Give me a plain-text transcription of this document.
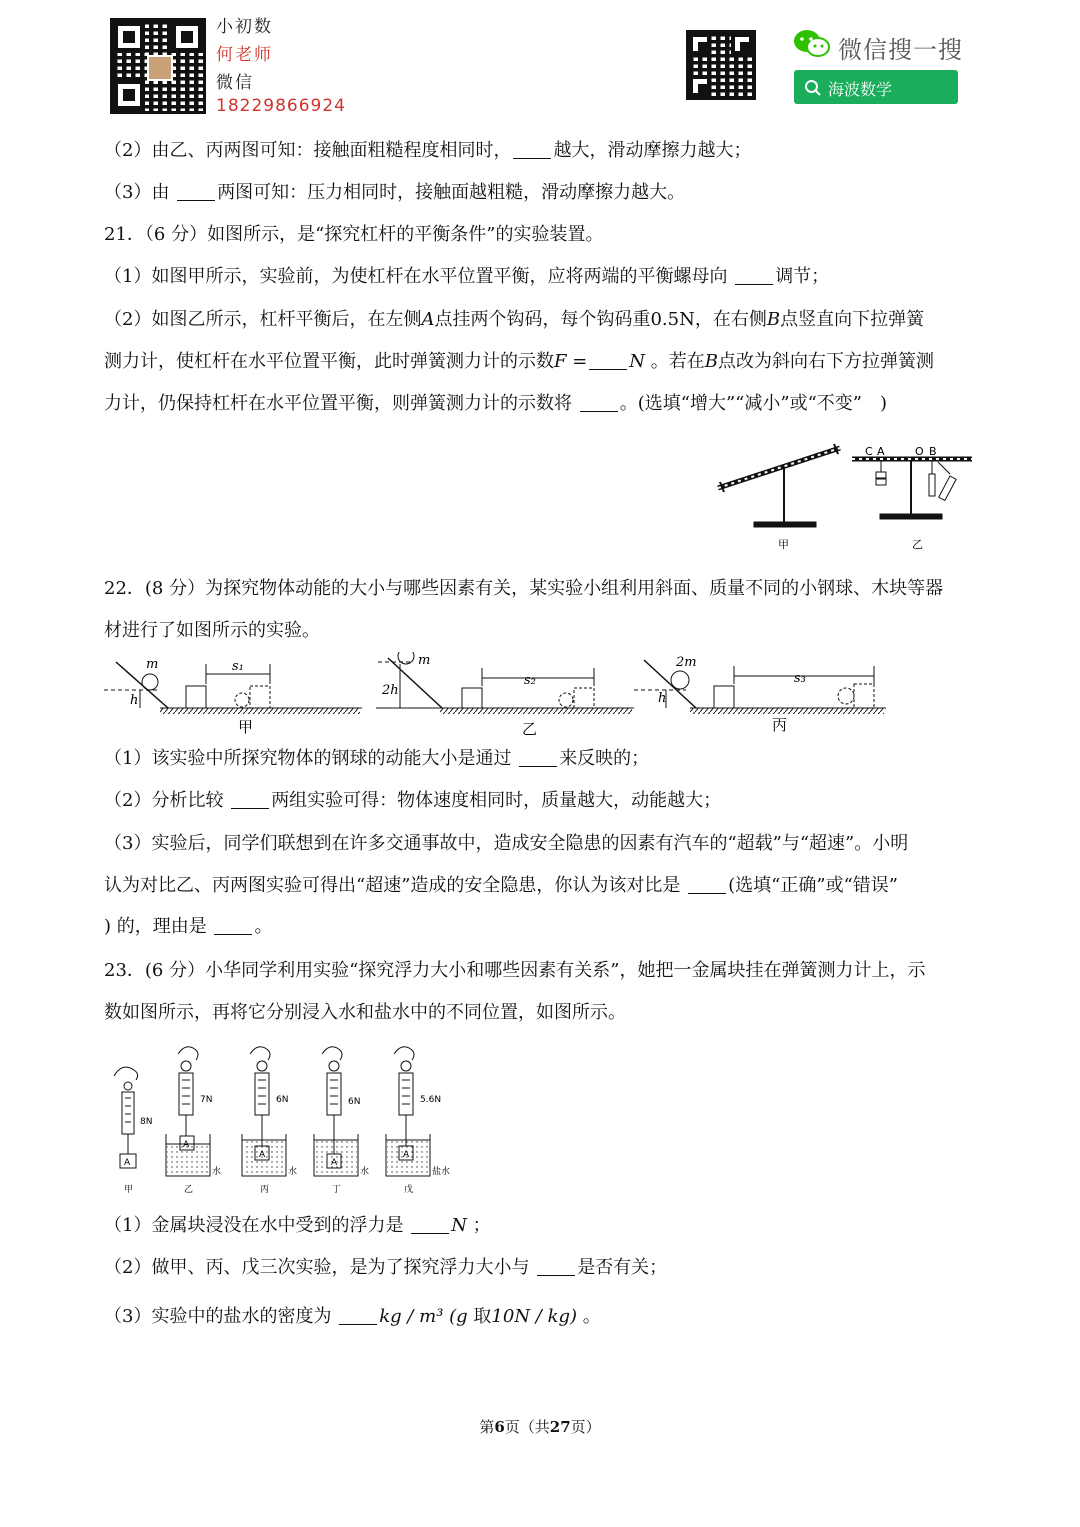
小初数
何老师
微信
18229866924
微信搜一搜
海波数学
（2）由乙、丙两图可知：接触面粗糙程度相同时， 越大，滑动摩擦力越大；
（3）由	两图可知：压力相同时，接触面越粗糙，滑动摩擦力越大。
21．（6 分）如图所示，是“探究杠杆的平衡条件”的实验装置。
（1）如图甲所示，实验前，为使杠杆在水平位置平衡，应将两端的平衡螺母向	调节；
（2）如图乙所示，杠杆平衡后，在左侧A点挂两个钩码，每个钩码重0.5N，在右侧B点竖直向下拉弹簧
测力计，使杠杆在水平位置平衡，此时弹簧测力计的示数F = N 。若在B点改为斜向右下方拉弹簧测
力计，仍保持杠杆在水平位置平衡，则弹簧测力计的示数将	。(选填“增大”“减小”或“不变”　)
甲
C A	O B
乙
22．(8 分）为探究物体动能的大小与哪些因素有关，某实验小组利用斜面、质量不同的小钢球、木块等器
材进行了如图所示的实验。
m
h
s₁
甲
m
2h
s₂
乙
2m
h
s₃
丙
（1）该实验中所探究物体的钢球的动能大小是通过	来反映的；
（2）分析比较	两组实验可得：物体速度相同时，质量越大，动能越大；
（3）实验后，同学们联想到在许多交通事故中，造成安全隐患的因素有汽车的“超载”与“超速”。小明
认为对比乙、丙两图实验可得出“超速”造成的安全隐患，你认为该对比是	(选填“正确”或“错误”
) 的，理由是	。
23．(6 分）小华同学利用实验“探究浮力大小和哪些因素有关系”，她把一金属块挂在弹簧测力计上，示
数如图所示，再将它分别浸入水和盐水中的不同位置，如图所示。
8N
A
甲
7N
A
水
乙
6N
A
水
丙
6N
A
水
丁
5.6N
A
盐水
戊
（1）金属块浸没在水中受到的浮力是	N ；
（2）做甲、丙、戊三次实验，是为了探究浮力大小与	是否有关；
（3）实验中的盐水的密度为	kg / m³ (g 取10N / kg) 。
第6页（共27页）
